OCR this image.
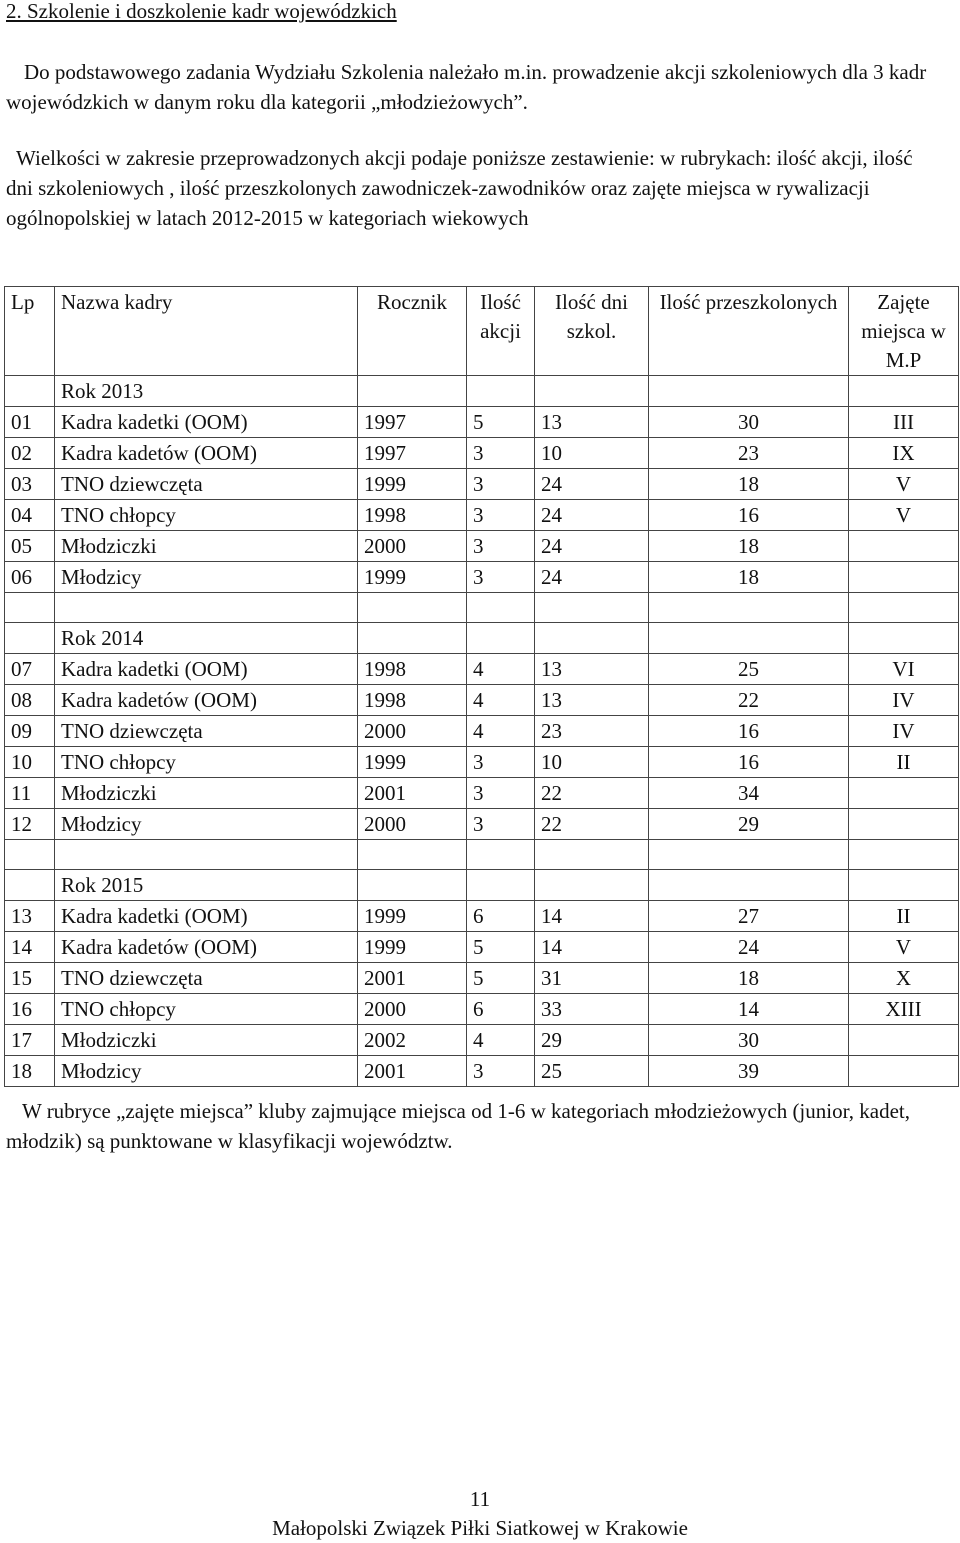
2. Szkolenie i doszkolenie kadr wojewódzkich

Do podstawowego zadania Wydziału Szkolenia należało m.in. prowadzenie akcji szkoleniowych dla 3 kadr wojewódzkich w danym roku dla kategorii „młodzieżowych”.

Wielkości w zakresie przeprowadzonych akcji podaje poniższe zestawienie: w rubrykach: ilość akcji, ilość dni szkoleniowych , ilość przeszkolonych zawodniczek-zawodników oraz zajęte miejsca w rywalizacji ogólnopolskiej w latach 2012-2015 w kategoriach wiekowych

Lp	Nazwa kadry	Rocznik	Ilość akcji	Ilość dni szkol.	Ilość przeszkolonych	Zajęte miejsca w M.P
	Rok 2013					
01	Kadra kadetki (OOM)	1997	5	13	30	III
02	Kadra kadetów (OOM)	1997	3	10	23	IX
03	TNO dziewczęta	1999	3	24	18	V
04	TNO chłopcy	1998	3	24	16	V
05	Młodziczki	2000	3	24	18	
06	Młodzicy	1999	3	24	18	

	Rok 2014					
07	Kadra kadetki (OOM)	1998	4	13	25	VI
08	Kadra kadetów (OOM)	1998	4	13	22	IV
09	TNO dziewczęta	2000	4	23	16	IV
10	TNO chłopcy	1999	3	10	16	II
11	Młodziczki	2001	3	22	34	
12	Młodzicy	2000	3	22	29	

	Rok 2015					
13	Kadra kadetki (OOM)	1999	6	14	27	II
14	Kadra kadetów (OOM)	1999	5	14	24	V
15	TNO dziewczęta	2001	5	31	18	X
16	TNO chłopcy	2000	6	33	14	XIII
17	Młodziczki	2002	4	29	30	
18	Młodzicy	2001	3	25	39	

W rubryce „zajęte miejsca” kluby zajmujące miejsca od 1-6 w kategoriach młodzieżowych (junior, kadet, młodzik) są punktowane w klasyfikacji województw.

11

Małopolski Związek Piłki Siatkowej w Krakowie
